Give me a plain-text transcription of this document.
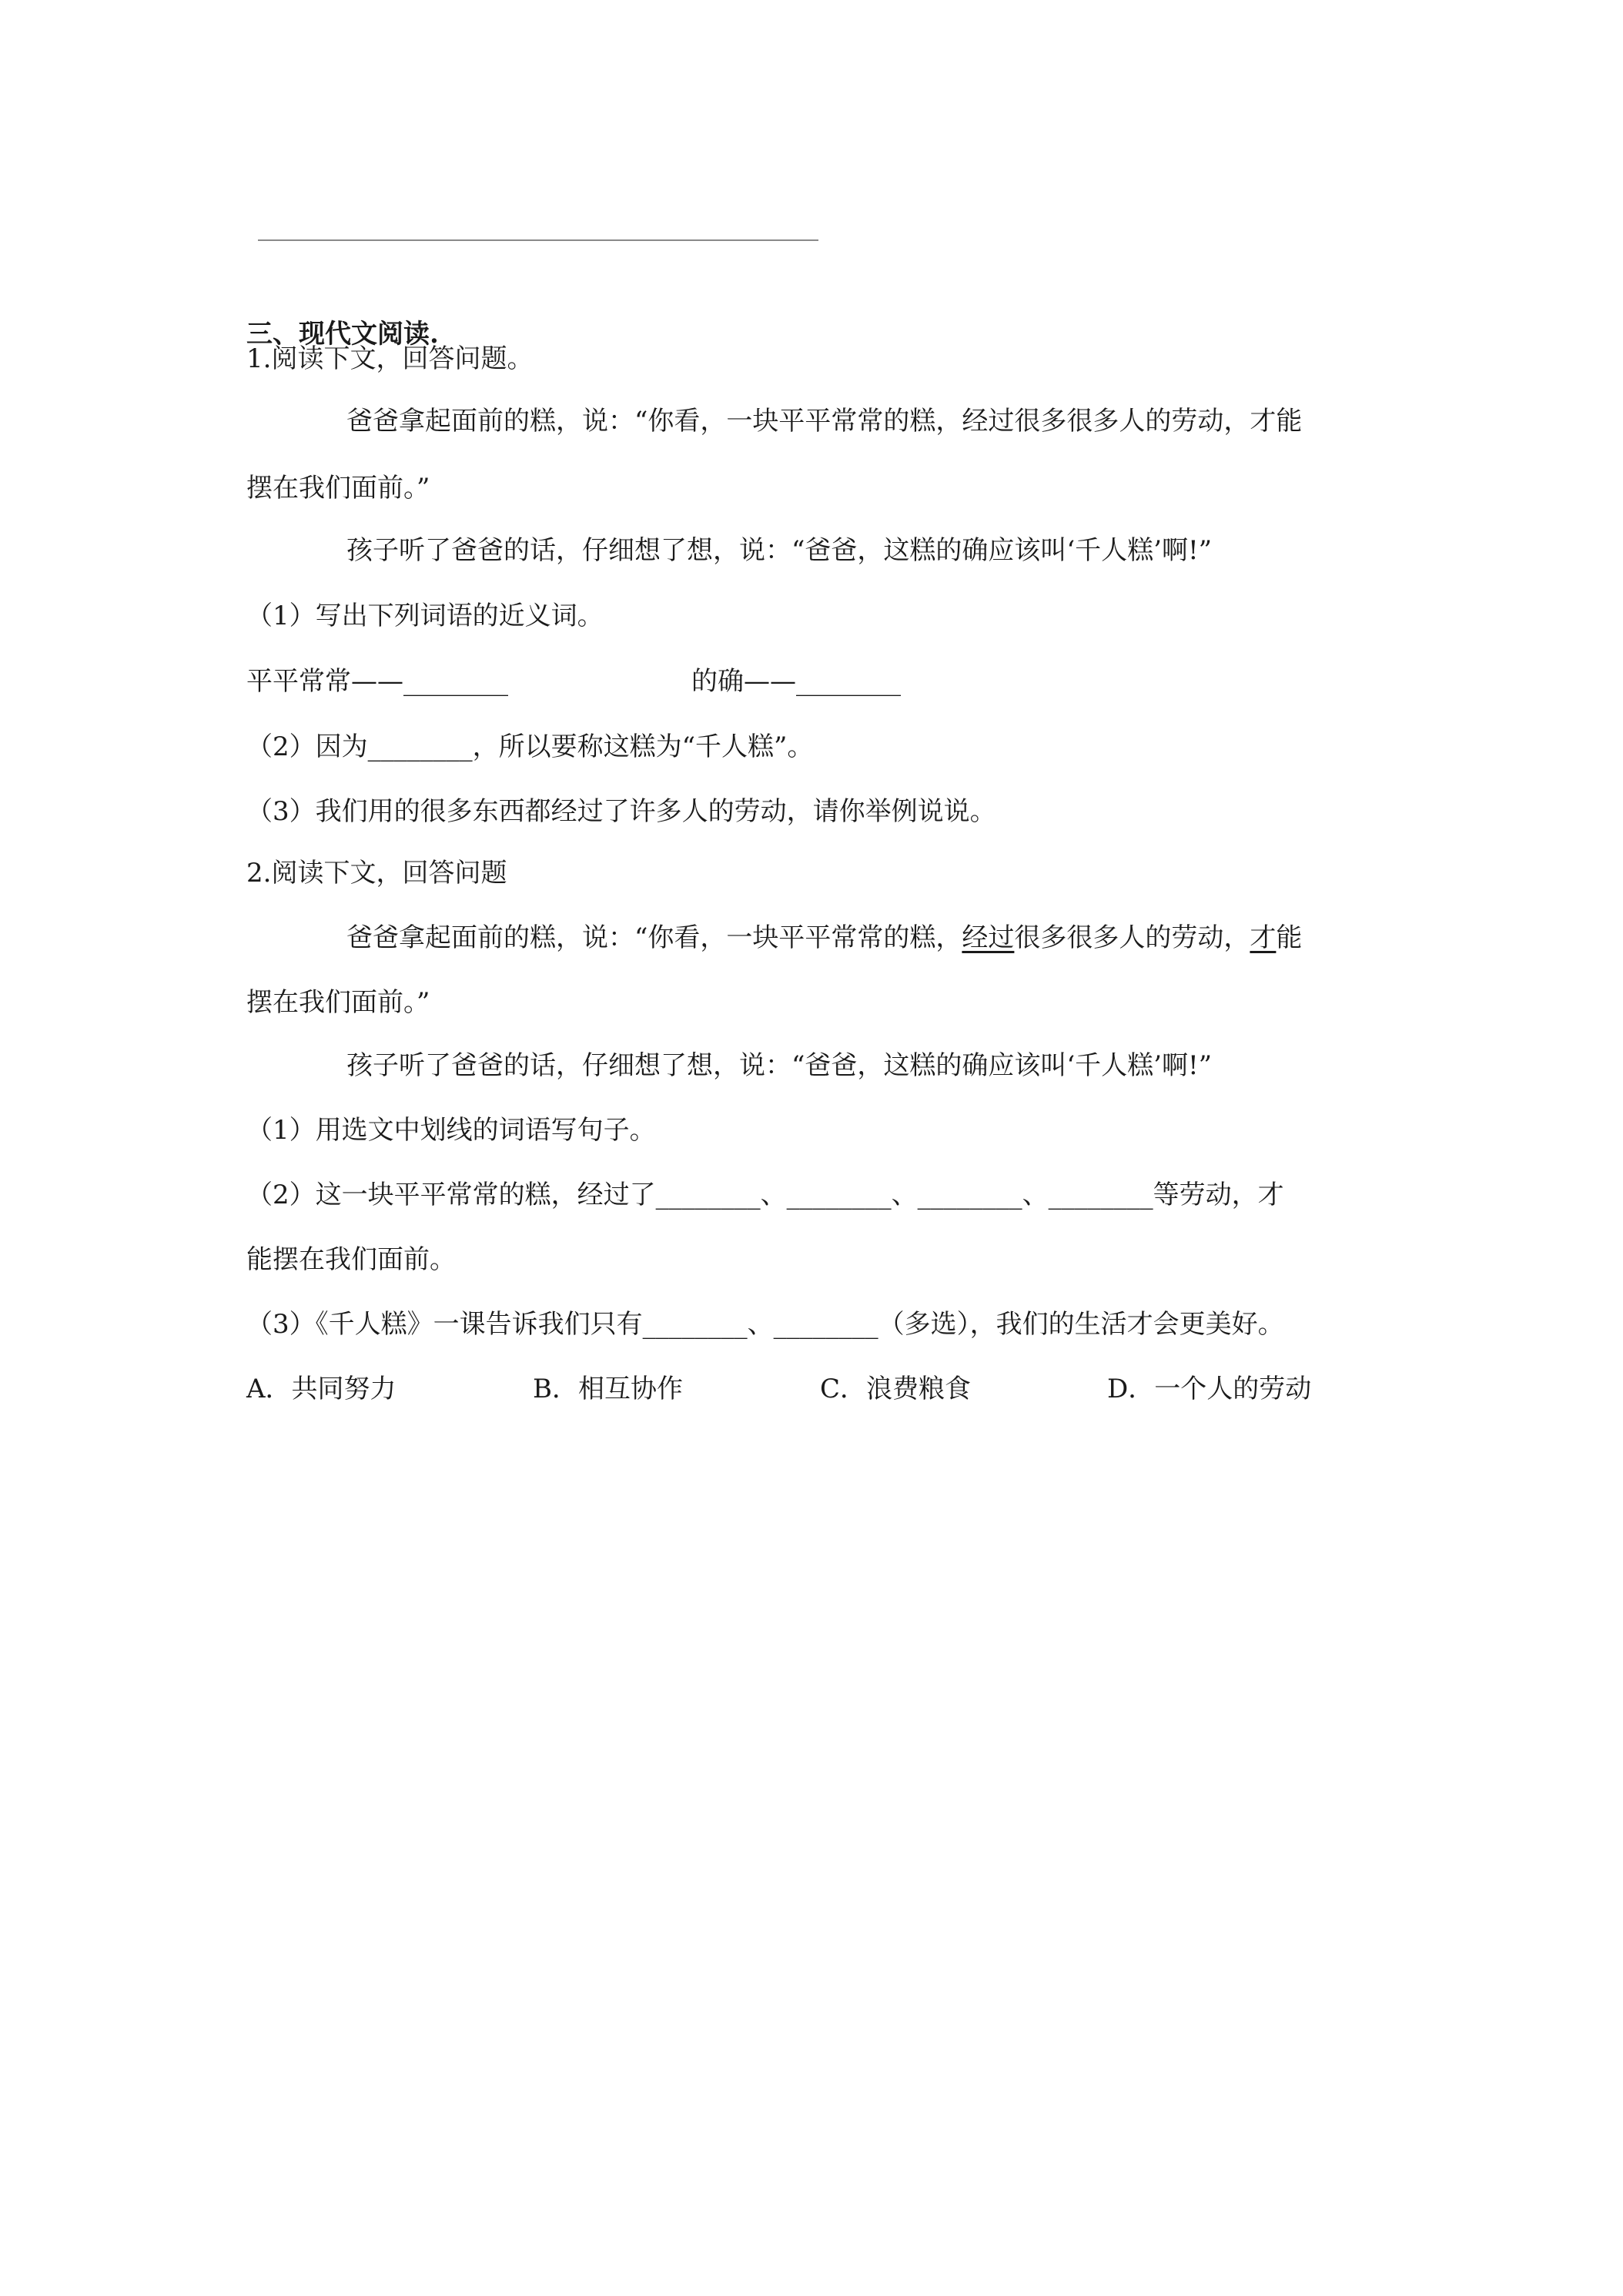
三、现代文阅读.
1.阅读下文，回答问题。
爸爸拿起面前的糕，说：“你看，一块平平常常的糕，经过很多很多人的劳动，才能
摆在我们面前。”
孩子听了爸爸的话，仔细想了想，说：“爸爸，这糕的确应该叫‘千人糕’啊!”
（1）写出下列词语的近义词。
平平常常——________	的确——________
（2）因为________，所以要称这糕为“千人糕”。
（3）我们用的很多东西都经过了许多人的劳动，请你举例说说。
2.阅读下文，回答问题
爸爸拿起面前的糕，说：“你看，一块平平常常的糕，经过很多很多人的劳动，才能
摆在我们面前。”
孩子听了爸爸的话，仔细想了想，说：“爸爸，这糕的确应该叫‘千人糕’啊!”
（1）用选文中划线的词语写句子。
（2）这一块平平常常的糕，经过了________、________、________、________等劳动，才
能摆在我们面前。
（3）《千人糕》一课告诉我们只有________、________（多选），我们的生活才会更美好。
A．共同努力	B．相互协作	C．浪费粮食	D．一个人的劳动
